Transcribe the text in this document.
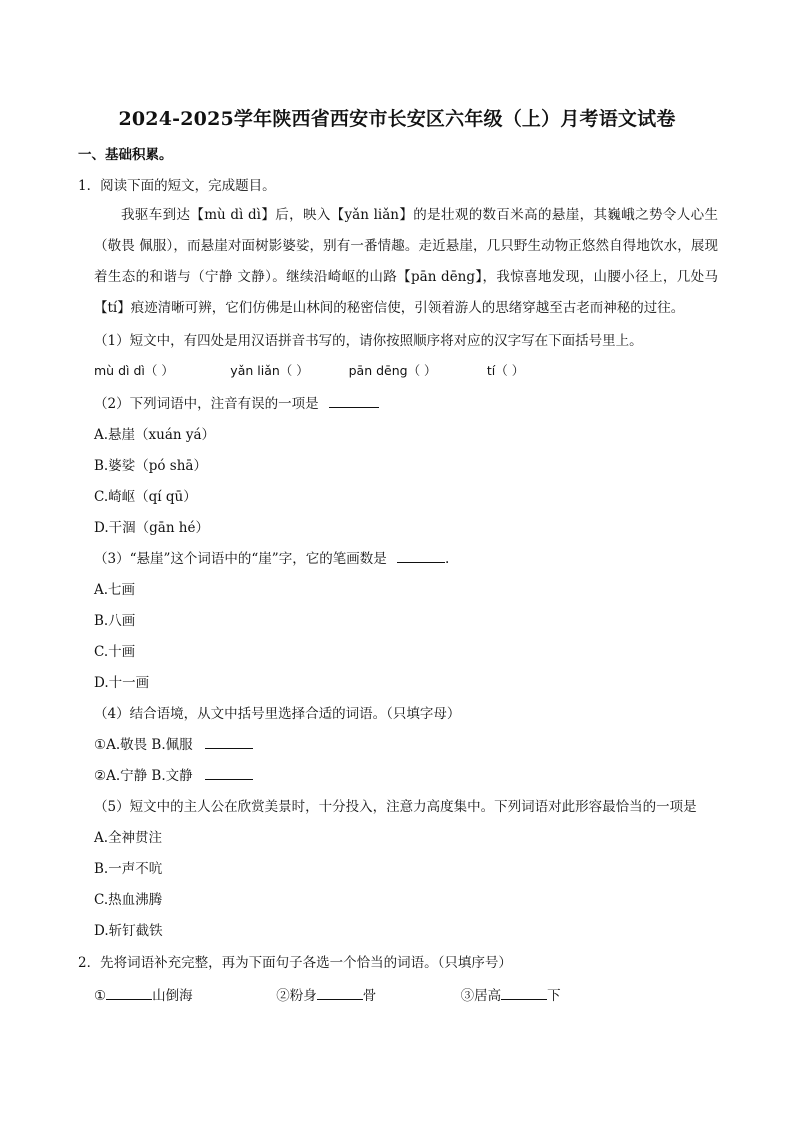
2024-2025学年陕西省西安市长安区六年级（上）月考语文试卷
一、基础积累。
1．阅读下面的短文，完成题目。
我驱车到达【mù dì dì】后，映入【yǎn liǎn】的是壮观的数百米高的悬崖，其巍峨之势令人心生（敬畏 佩服），而悬崖对面树影婆娑，别有一番情趣。走近悬崖，几只野生动物正悠然自得地饮水，展现着生态的和谐与（宁静 文静）。继续沿崎岖的山路【pān dēng】，我惊喜地发现，山腰小径上，几处马【tí】痕迹清晰可辨，它们仿佛是山林间的秘密信使，引领着游人的思绪穿越至古老而神秘的过往。
（1）短文中，有四处是用汉语拼音书写的，请你按照顺序将对应的汉字写在下面括号里上。
mù dì dì（ ）	yǎn liǎn（ ）	pān dēng（ ）	tí（ ）
（2）下列词语中，注音有误的一项是
A.悬崖（xuán yá）
B.婆娑（pó shā）
C.崎岖（qí qū）
D.干涸（gān hé）
（3）“悬崖”这个词语中的“崖”字，它的笔画数是	.
A.七画
B.八画
C.十画
D.十一画
（4）结合语境，从文中括号里选择合适的词语。（只填字母）
①A.敬畏 B.佩服
②A.宁静 B.文静
（5）短文中的主人公在欣赏美景时，十分投入，注意力高度集中。下列词语对此形容最恰当的一项是
A.全神贯注
B.一声不吭
C.热血沸腾
D.斩钉截铁
2．先将词语补充完整，再为下面句子各选一个恰当的词语。（只填序号）
①	山倒海	②粉身	骨	③居高	下
